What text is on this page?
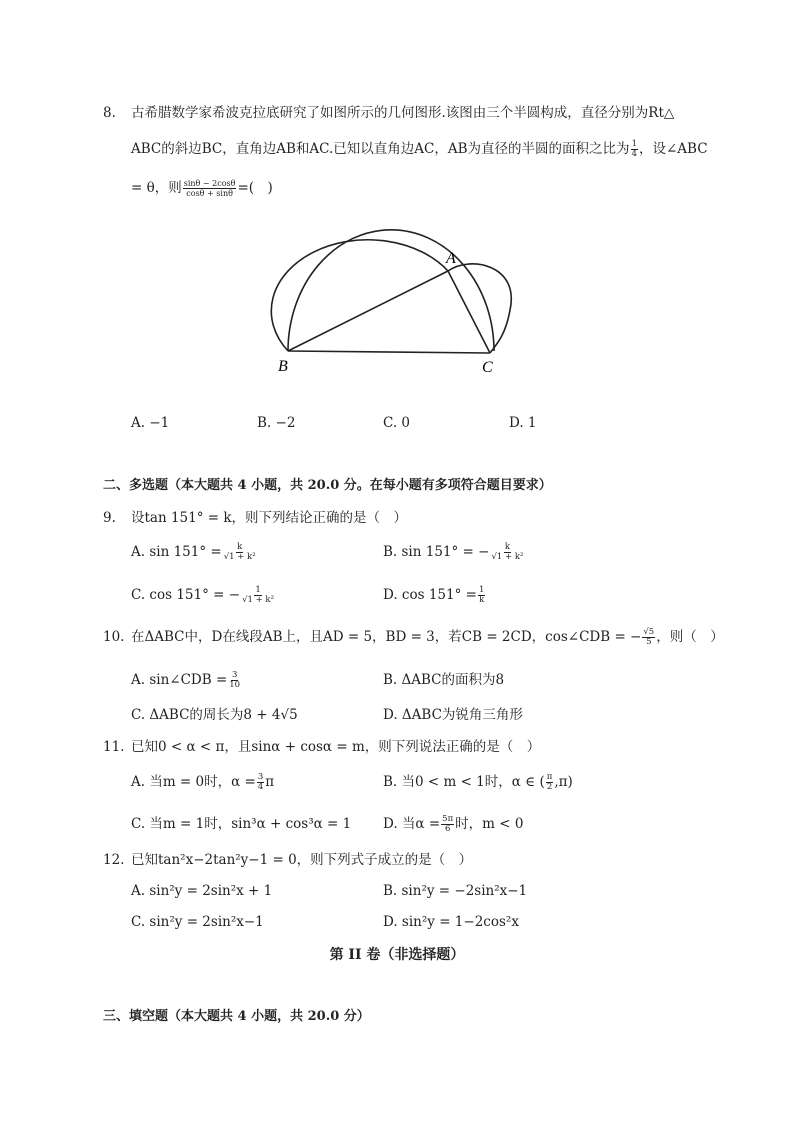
8. 古希腊数学家希波克拉底研究了如图所示的几何图形.该图由三个半圆构成，直径分别为Rt△
ABC的斜边BC，直角边AB和AC.已知以直角边AC，AB为直径的半圆的面积之比为 $\frac{1}{4}$ ，设∠ABC
= θ，则 $\frac{\sin\theta - 2\cos\theta}{\cos\theta + \sin\theta}$ =(　)
A
B	C
A. −1	B. −2	C. 0	D. 1
二、多选题（本大题共 4 小题，共 20.0 分。在每小题有多项符合题目要求）
9. 设tan 151° = k，则下列结论正确的是（　）
A. $\sin 151^\circ = \frac{k}{\text{√1 + k²}}$	B. sin 151° = − $\frac{k}{\text{√1 + k²}}$
C. cos 151° = − $\frac{1}{\text{√1 + k²}}$	D. $\cos 151^\circ = \frac{1}{k}$
10. 在ΔABC中，D在线段AB上，且AD = 5，BD = 3，若CB = 2CD，cos∠CDB = − $\frac{√5}{5}$ ，则（　）
A. sin∠CDB = $\frac{3}{10}$	B. ΔABC的面积为8
C. ΔABC的周长为8 + 4√5	D. ΔABC为锐角三角形
11. 已知0 < α < π，且sinα + cosα = m，则下列说法正确的是（　）
A. 当m = 0时，$\alpha = \frac{3}{4}$ π	B. 当0 < m < 1时，α ∈ ( $\frac{\pi}{2} ,\pi$)
C. 当m = 1时，sin³α + cos³α = 1 D. 当$\alpha = \frac{5\pi}{6}$ 时，m < 0
12. 已知tan²x−2tan²y−1 = 0，则下列式子成立的是（　）
A. sin²y = 2sin²x + 1	B. sin²y = −2sin²x−1
C. sin²y = 2sin²x−1	D. sin²y = 1−2cos²x
第 II 卷（非选择题）
三、填空题（本大题共 4 小题，共 20.0 分）
